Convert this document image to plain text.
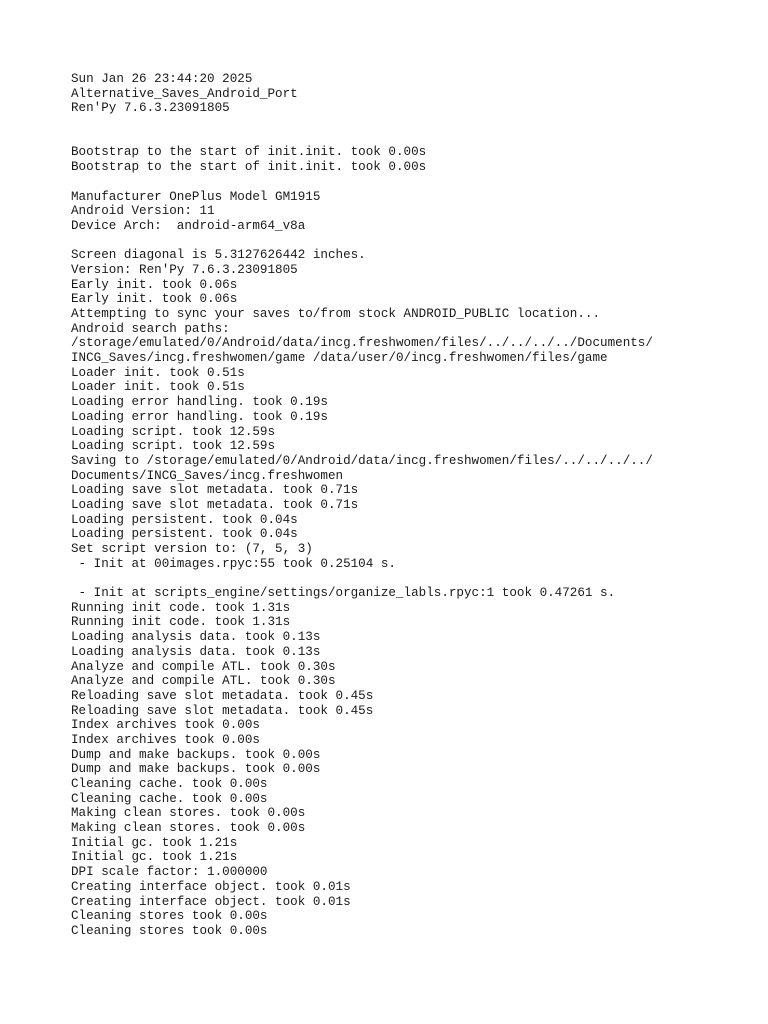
Sun Jan 26 23:44:20 2025
Alternative_Saves_Android_Port
Ren'Py 7.6.3.23091805
Bootstrap to the start of init.init. took 0.00s
Bootstrap to the start of init.init. took 0.00s
Manufacturer OnePlus Model GM1915
Android Version: 11
Device Arch:  android-arm64_v8a
Screen diagonal is 5.3127626442 inches.
Version: Ren'Py 7.6.3.23091805
Early init. took 0.06s
Early init. took 0.06s
Attempting to sync your saves to/from stock ANDROID_PUBLIC location...
Android search paths:
/storage/emulated/0/Android/data/incg.freshwomen/files/../../../../Documents/
INCG_Saves/incg.freshwomen/game /data/user/0/incg.freshwomen/files/game
Loader init. took 0.51s
Loader init. took 0.51s
Loading error handling. took 0.19s
Loading error handling. took 0.19s
Loading script. took 12.59s
Loading script. took 12.59s
Saving to /storage/emulated/0/Android/data/incg.freshwomen/files/../../../../
Documents/INCG_Saves/incg.freshwomen
Loading save slot metadata. took 0.71s
Loading save slot metadata. took 0.71s
Loading persistent. took 0.04s
Loading persistent. took 0.04s
Set script version to: (7, 5, 3)
- Init at 00images.rpyc:55 took 0.25104 s.
- Init at scripts_engine/settings/organize_labls.rpyc:1 took 0.47261 s.
Running init code. took 1.31s
Running init code. took 1.31s
Loading analysis data. took 0.13s
Loading analysis data. took 0.13s
Analyze and compile ATL. took 0.30s
Analyze and compile ATL. took 0.30s
Reloading save slot metadata. took 0.45s
Reloading save slot metadata. took 0.45s
Index archives took 0.00s
Index archives took 0.00s
Dump and make backups. took 0.00s
Dump and make backups. took 0.00s
Cleaning cache. took 0.00s
Cleaning cache. took 0.00s
Making clean stores. took 0.00s
Making clean stores. took 0.00s
Initial gc. took 1.21s
Initial gc. took 1.21s
DPI scale factor: 1.000000
Creating interface object. took 0.01s
Creating interface object. took 0.01s
Cleaning stores took 0.00s
Cleaning stores took 0.00s
